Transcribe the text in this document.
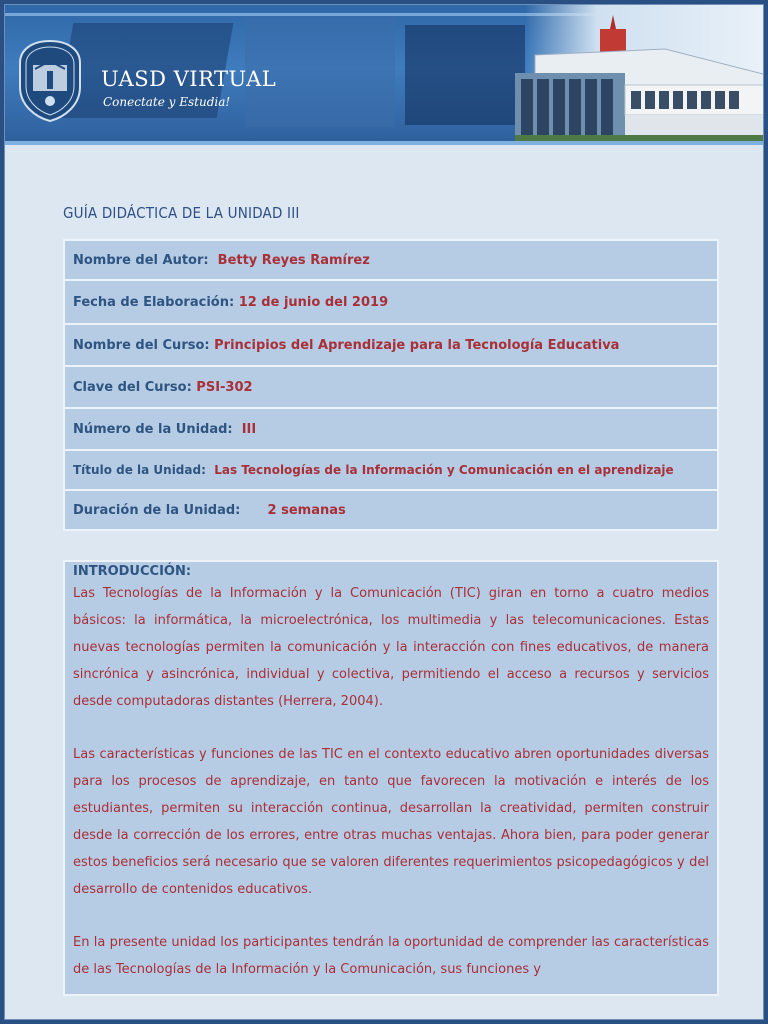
UASD VIRTUAL
Conectate y Estudia!
GUÍA DIDÁCTICA DE LA UNIDAD III
Nombre del Autor: Betty Reyes Ramírez
Fecha de Elaboración: 12 de junio del 2019
Nombre del Curso: Principios del Aprendizaje para la Tecnología Educativa
Clave del Curso: PSI-302
Número de la Unidad: III
Título de la Unidad: Las Tecnologías de la Información y Comunicación en el aprendizaje
Duración de la Unidad: 2 semanas
INTRODUCCIÓN:

Las Tecnologías de la Información y la Comunicación (TIC) giran en torno a cuatro medios básicos: la informática, la microelectrónica, los multimedia y las telecomunicaciones. Estas nuevas tecnologías permiten la comunicación y la interacción con fines educativos, de manera sincrónica y asincrónica, individual y colectiva, permitiendo el acceso a recursos y servicios desde computadoras distantes (Herrera, 2004).

Las características y funciones de las TIC en el contexto educativo abren oportunidades diversas para los procesos de aprendizaje, en tanto que favorecen la motivación e interés de los estudiantes, permiten su interacción continua, desarrollan la creatividad, permiten construir desde la corrección de los errores, entre otras muchas ventajas. Ahora bien, para poder generar estos beneficios será necesario que se valoren diferentes requerimientos psicopedagógicos y del desarrollo de contenidos educativos.

En la presente unidad los participantes tendrán la oportunidad de comprender las características de las Tecnologías de la Información y la Comunicación, sus funciones y
